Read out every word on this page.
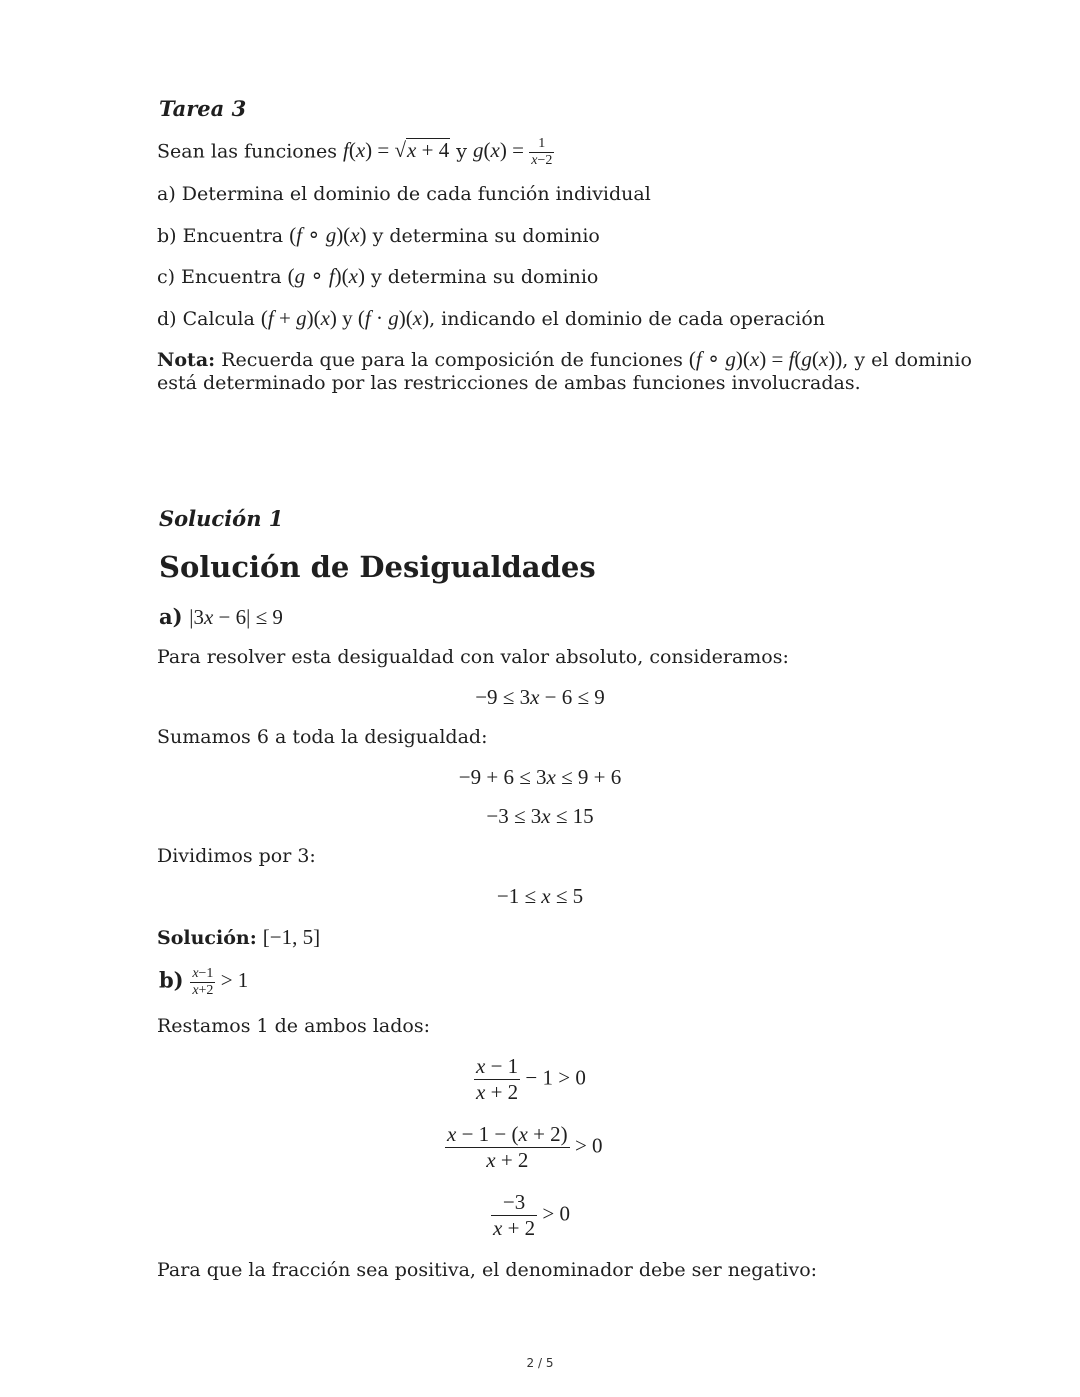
Tarea 3
Sean las funciones f(x) = √x + 4 y $g(x) = \frac{1}{x-2}$
a) Determina el dominio de cada función individual
b) Encuentra (f ∘ g)(x) y determina su dominio
c) Encuentra (g ∘ f)(x) y determina su dominio
d) Calcula (f + g)(x) y (f · g)(x), indicando el dominio de cada operación
Nota: Recuerda que para la composición de funciones (f ∘ g)(x) = f(g(x)), y el dominio
está determinado por las restricciones de ambas funciones involucradas.
Solución 1
Solución de Desigualdades
a) |3x − 6| ≤ 9
Para resolver esta desigualdad con valor absoluto, consideramos:
−9 ≤ 3x − 6 ≤ 9
Sumamos 6 a toda la desigualdad:
−9 + 6 ≤ 3x ≤ 9 + 6
−3 ≤ 3x ≤ 15
Dividimos por 3:
−1 ≤ x ≤ 5
Solución: [−1, 5]
$b) \frac{x-1}{x+2} > 1$
Restamos 1 de ambos lados:
$\frac{x - 1}{x + 2} - 1 > 0$
$\frac{x - 1 - (x + 2)}{x + 2} > 0$
$\frac{-3}{x + 2} > 0$
Para que la fracción sea positiva, el denominador debe ser negativo:
2 / 5
